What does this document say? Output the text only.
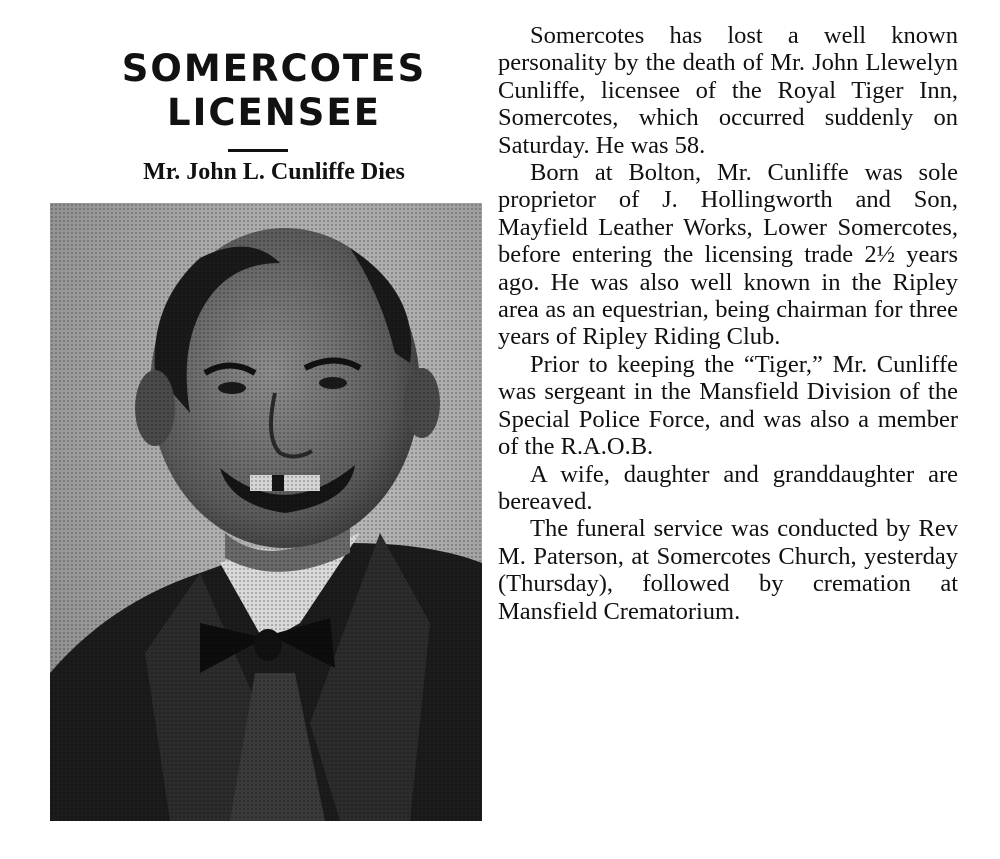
SOMERCOTES
LICENSEE
Mr. John L. Cunliffe Dies

Somercotes has lost a well known personality by the death of Mr. John Llewelyn Cunliffe, licensee of the Royal Tiger Inn, Somercotes, which occurred suddenly on Saturday. He was 58.

Born at Bolton, Mr. Cunliffe was sole proprietor of J. Hollingworth and Son, Mayfield Leather Works, Lower Somercotes, before entering the licensing trade 2½ years ago. He was also well known in the Ripley area as an equestrian, being chairman for three years of Ripley Riding Club.

Prior to keeping the “Tiger,” Mr. Cunliffe was sergeant in the Mansfield Division of the Special Police Force, and was also a member of the R.A.O.B.

A wife, daughter and granddaughter are bereaved.

The funeral service was conducted by Rev M. Paterson, at Somercotes Church, yesterday (Thursday), followed by cremation at Mansfield Crematorium.
